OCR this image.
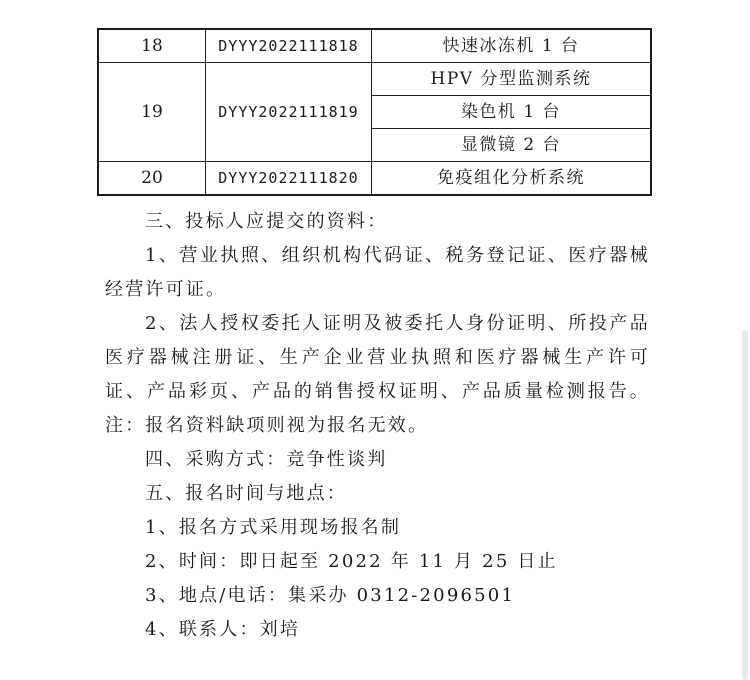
18	DYYY2022111818	快速冰冻机 1 台
19	DYYY2022111819	HPV 分型监测系统
		染色机 1 台
		显微镜 2 台
20	DYYY2022111820	免疫组化分析系统

三、投标人应提交的资料：

1、营业执照、组织机构代码证、税务登记证、医疗器械经营许可证。

2、法人授权委托人证明及被委托人身份证明、所投产品医疗器械注册证、生产企业营业执照和医疗器械生产许可证、产品彩页、产品的销售授权证明、产品质量检测报告。注：报名资料缺项则视为报名无效。

四、采购方式：竞争性谈判

五、报名时间与地点：

1、报名方式采用现场报名制

2、时间：即日起至 2022 年 11 月 25 日止

3、地点/电话：集采办 0312-2096501

4、联系人：刘培
